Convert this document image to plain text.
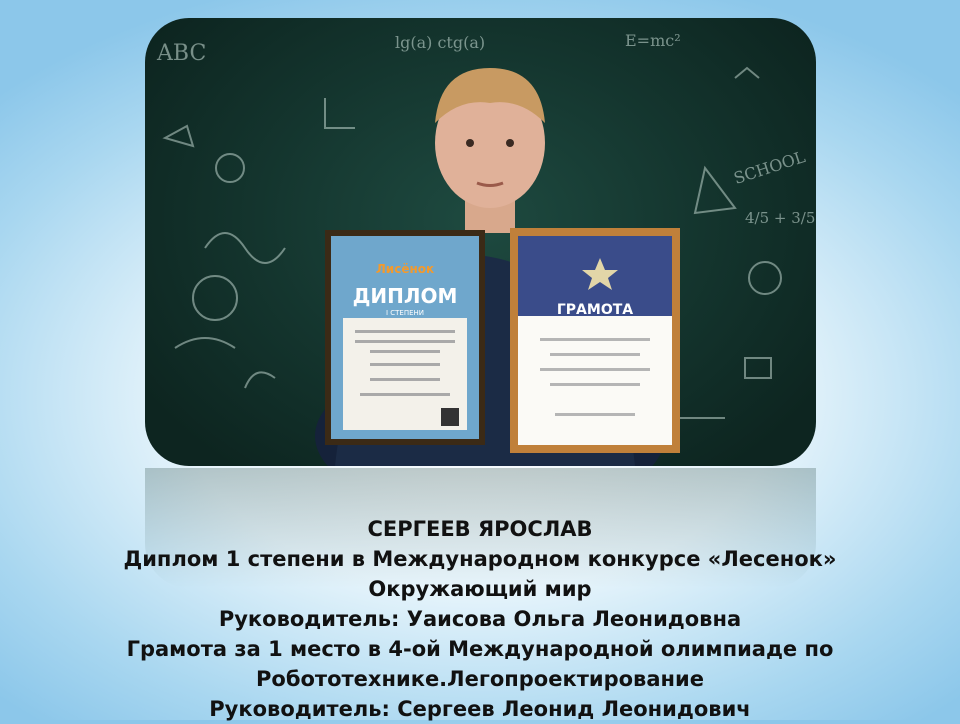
ABC	lg(a) ctg(a)	E=mc²
SCHOOL
4/5 + 3/5
Лисёнок
ДИПЛОМ
I СТЕПЕНИ	ГРАМОТА
СЕРГЕЕВ ЯРОСЛАВ
Диплом 1 степени в Международном конкурсе «Лесенок»
Окружающий мир
Руководитель: Уаисова Ольга Леонидовна
Грамота за 1 место в 4-ой Международной олимпиаде по
Робототехнике.Легопроектирование
Руководитель: Сергеев Леонид Леонидович
